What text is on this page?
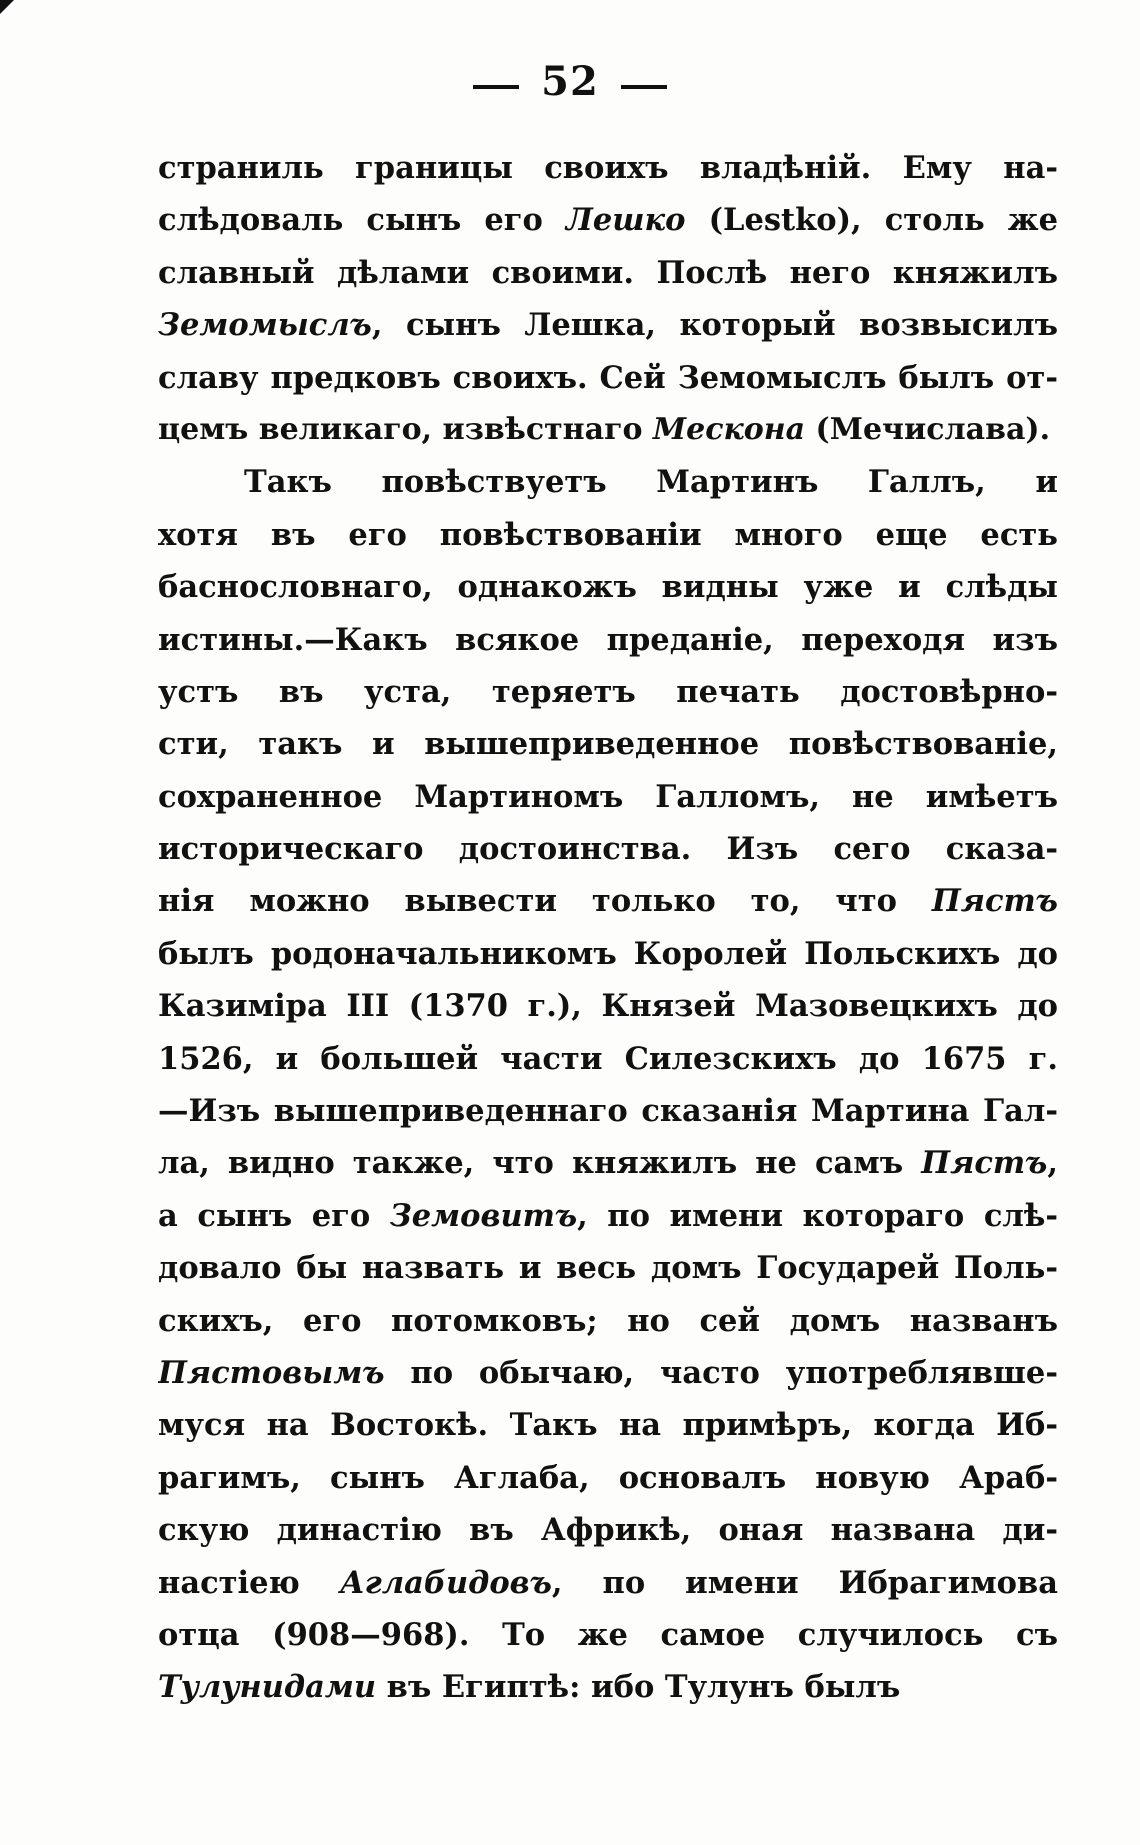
52
страниль границы своихъ владѣній. Ему на-
слѣдоваль сынъ его Лешко (Lestko), столь же
славный дѣлами своими. Послѣ него княжилъ
Земомыслъ, сынъ Лешка, который возвысилъ
славу предковъ своихъ. Сей Земомыслъ былъ от-
цемъ великаго, извѣстнаго Мескона (Мечислава).
Такъ повѣствуетъ Мартинъ Галлъ, и
хотя въ его повѣствованіи много еще есть
баснословнаго, однакожъ видны уже и слѣды
истины.—Какъ всякое преданіе, переходя изъ
устъ въ уста, теряетъ печать достовѣрно-
сти, такъ и вышеприведенное повѣствованіе,
сохраненное Мартиномъ Галломъ, не имѣетъ
историческаго достоинства. Изъ сего сказа-
нія можно вывести только то, что Пястъ
былъ родоначальникомъ Королей Польскихъ до
Казиміра III (1370 г.), Князей Мазовецкихъ до
1526, и большей части Силезскихъ до 1675 г.
—Изъ вышеприведеннаго сказанія Мартина Гал-
ла, видно также, что княжилъ не самъ Пястъ,
а сынъ его Земовитъ, по имени котораго слѣ-
довало бы назвать и весь домъ Государей Поль-
скихъ, его потомковъ; но сей домъ названъ
Пястовымъ по обычаю, часто употреблявше-
муся на Востокѣ. Такъ на примѣръ, когда Иб-
рагимъ, сынъ Аглаба, основалъ новую Араб-
скую династію въ Африкѣ, оная названа ди-
настіею Аглабидовъ, по имени Ибрагимова
отца (908—968). То же самое случилось съ
Тулунидами въ Египтѣ: ибо Тулунъ былъ
